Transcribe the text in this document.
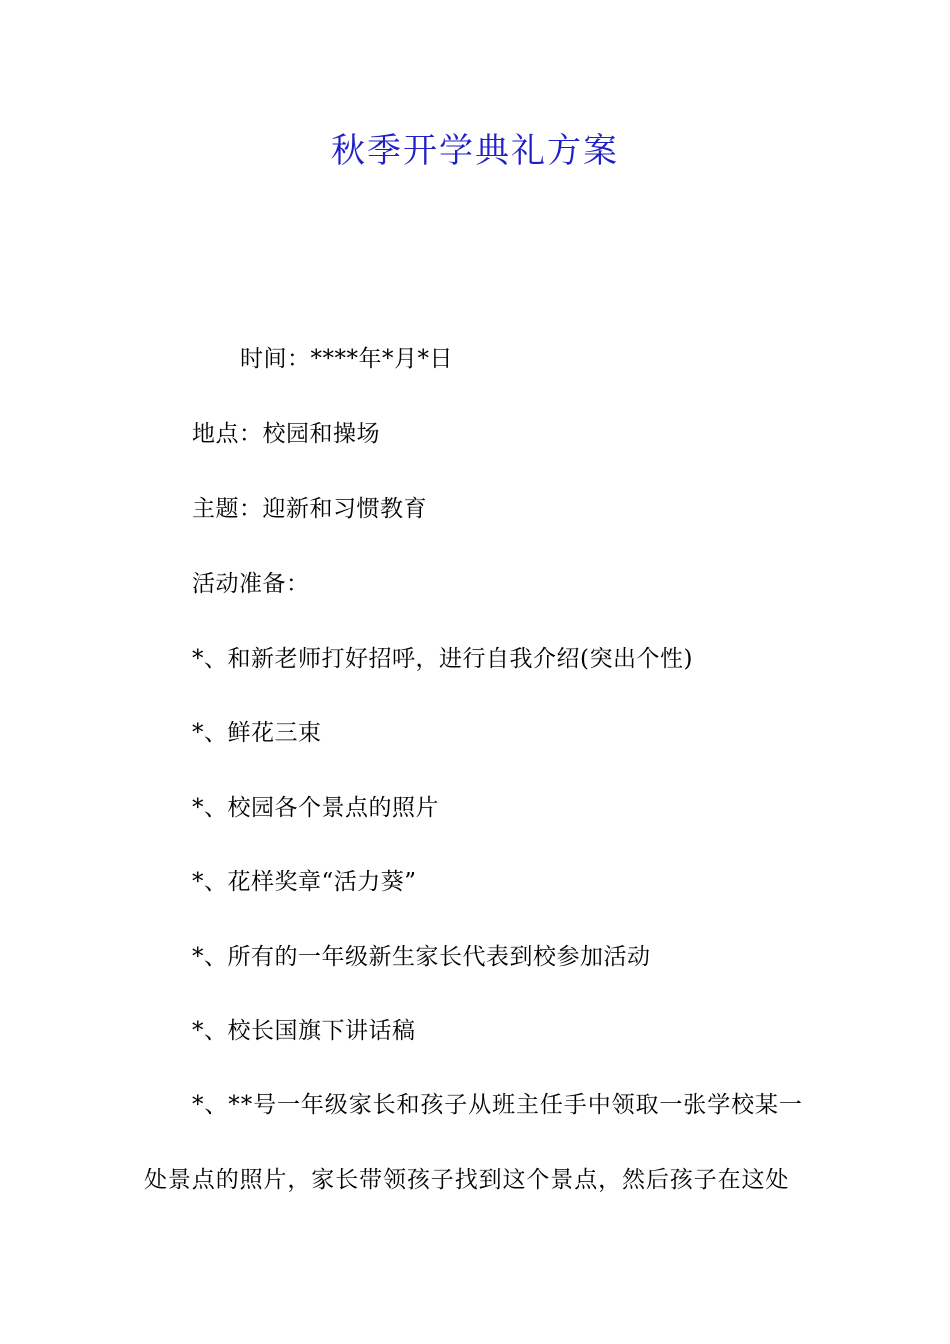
秋季开学典礼方案
时间：****年*月*日
地点：校园和操场
主题：迎新和习惯教育
活动准备：
*、和新老师打好招呼，进行自我介绍(突出个性)
*、鲜花三束
*、校园各个景点的照片
*、花样奖章“活力葵”
*、所有的一年级新生家长代表到校参加活动
*、校长国旗下讲话稿
*、**号一年级家长和孩子从班主任手中领取一张学校某一
处景点的照片，家长带领孩子找到这个景点，然后孩子在这处
